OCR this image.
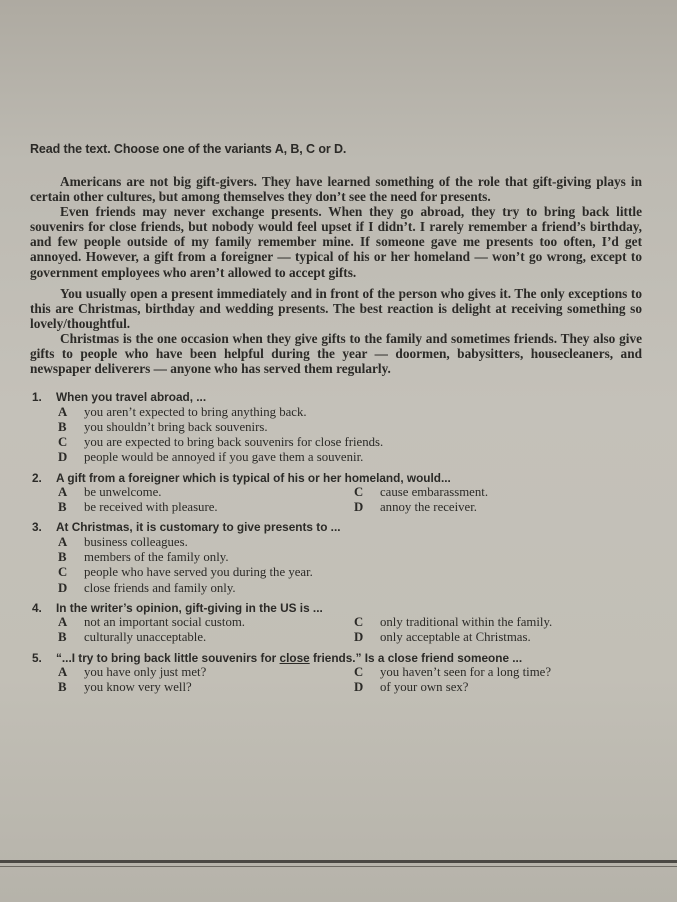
Read the text. Choose one of the variants A, B, C or D.

Americans are not big gift-givers. They have learned something of the role that gift-giving plays in certain other cultures, but among themselves they don’t see the need for presents.

Even friends may never exchange presents. When they go abroad, they try to bring back little souvenirs for close friends, but nobody would feel upset if I didn’t. I rarely remember a friend’s birthday, and few people outside of my family remember mine. If someone gave me presents too often, I’d get annoyed. However, a gift from a foreigner — typical of his or her homeland — won’t go wrong, except to government employees who aren’t allowed to accept gifts.

You usually open a present immediately and in front of the person who gives it. The only exceptions to this are Christmas, birthday and wedding presents. The best reaction is delight at receiving something so lovely/thoughtful.

Christmas is the one occasion when they give gifts to the family and sometimes friends. They also give gifts to people who have been helpful during the year — doormen, babysitters, housecleaners, and newspaper deliverers — anyone who has served them regularly.

1.	When you travel abroad, ...
A	you aren’t expected to bring anything back.
B	you shouldn’t bring back souvenirs.
C	you are expected to bring back souvenirs for close friends.
D	people would be annoyed if you gave them a souvenir.
2.	A gift from a foreigner which is typical of his or her homeland, would...
A	be unwelcome.	C	cause embarassment.
B	be received with pleasure.	D	annoy the receiver.
3.	At Christmas, it is customary to give presents to ...
A	business colleagues.
B	members of the family only.
C	people who have served you during the year.
D	close friends and family only.
4.	In the writer’s opinion, gift-giving in the US is ...
A	not an important social custom.	C	only traditional within the family.
B	culturally unacceptable.	D	only acceptable at Christmas.
5.	“...I try to bring back little souvenirs for close friends.” Is a close friend someone ...
A	you have only just met?	C	you haven’t seen for a long time?
B	you know very well?	D	of your own sex?
